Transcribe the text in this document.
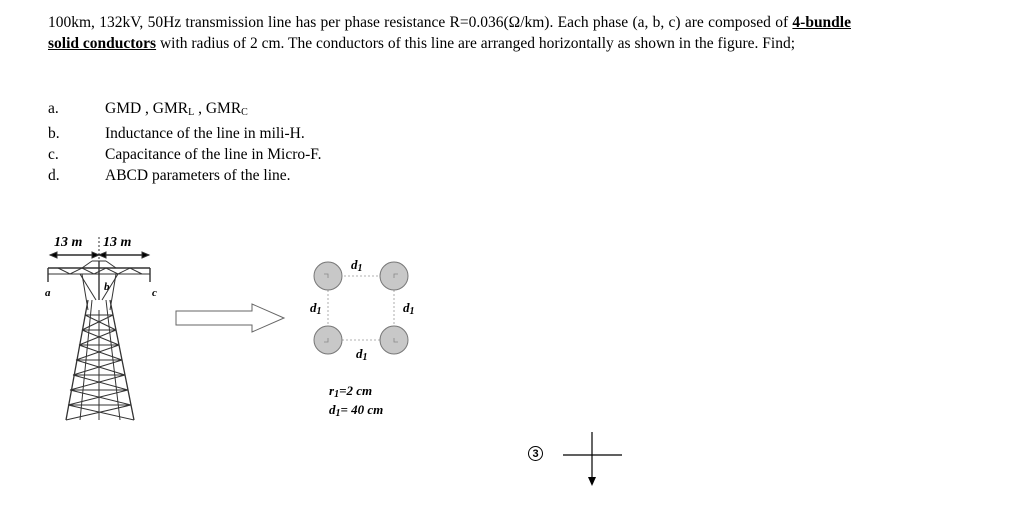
100km, 132kV, 50Hz transmission line has per phase resistance R=0.036(Ω/km). Each phase (a, b, c) are composed of 4-bundle solid conductors with radius of 2 cm. The conductors of this line are arranged horizontally as shown in the figure. Find;

a.	GMD , $GMR_L$ , $GMR_C$
b.	Inductance of the line in mili-H.
c.	Capacitance of the line in Micro-F.
d.	ABCD parameters of the line.
13 m 13 m
a	b	c
$d_1$
$d_1$	$d_1$
$d_1$
$r_1=2$ cm
$d_1= 40$ cm
3
